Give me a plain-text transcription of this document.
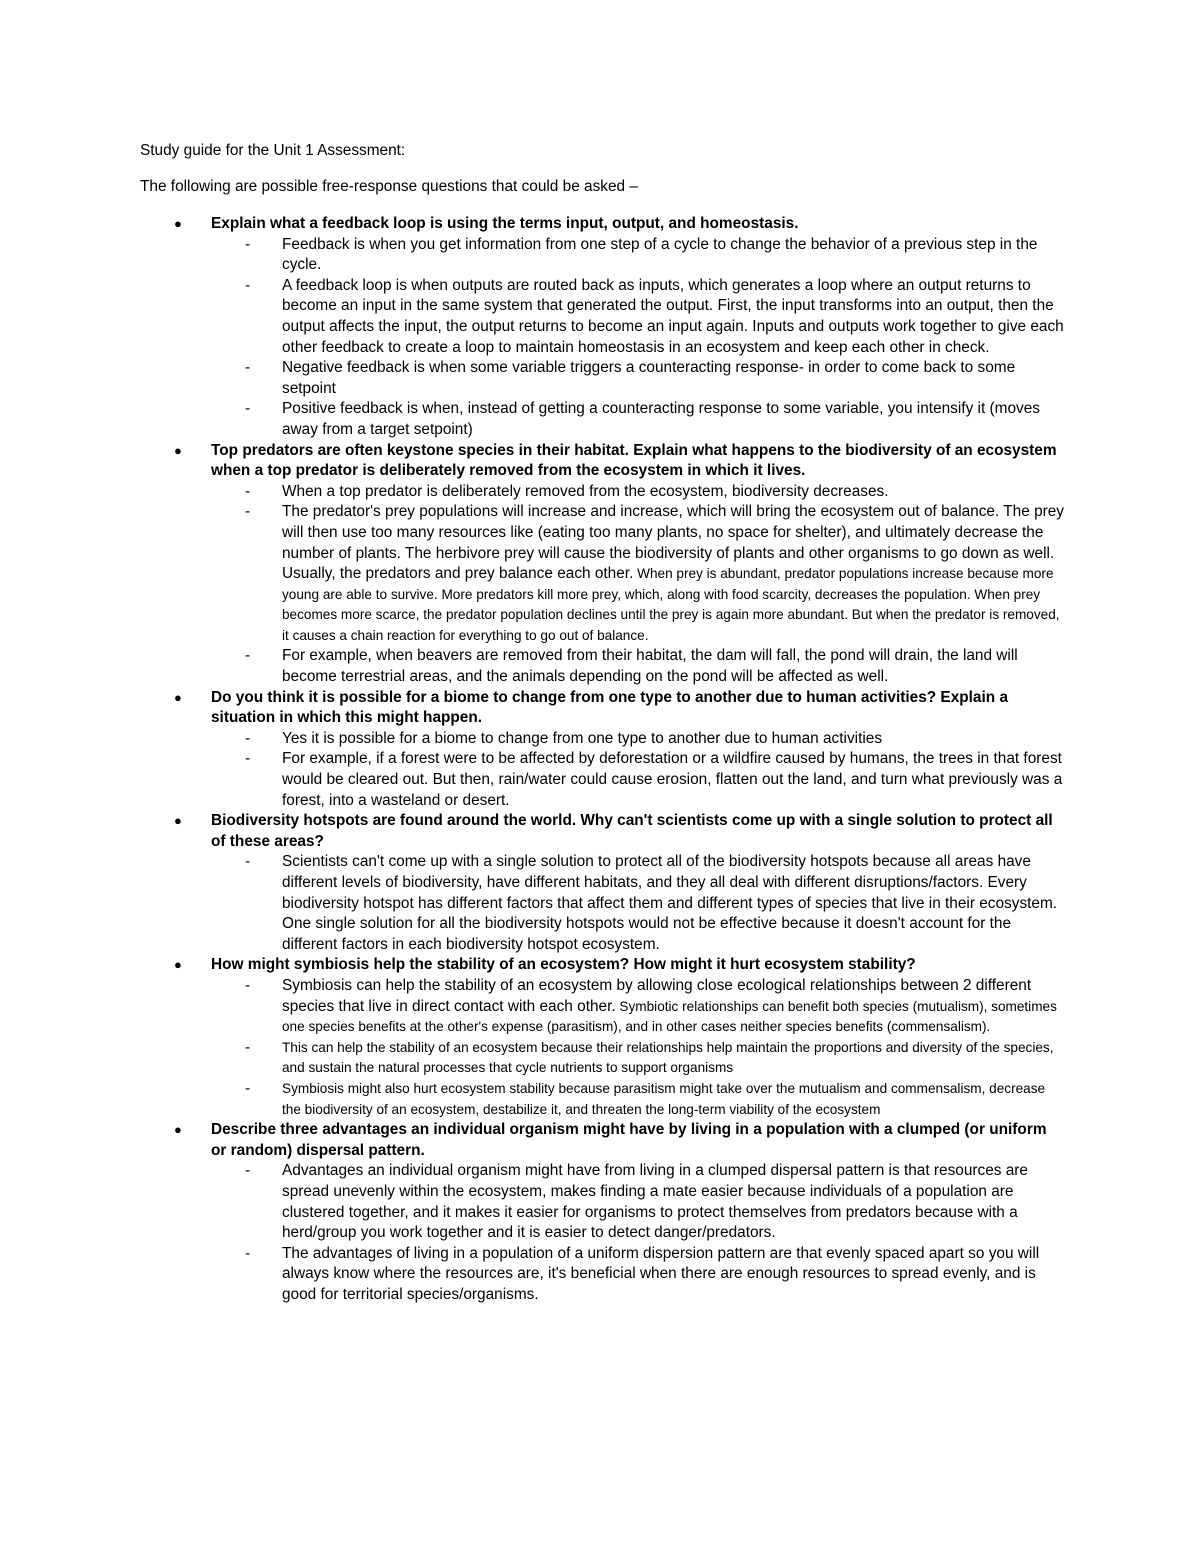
Study guide for the Unit 1 Assessment:
The following are possible free-response questions that could be asked –
● Explain what a feedback loop is using the terms input, output, and homeostasis.
- Feedback is when you get information from one step of a cycle to change the behavior of a previous step in the cycle.
- A feedback loop is when outputs are routed back as inputs, which generates a loop where an output returns to become an input in the same system that generated the output. First, the input transforms into an output, then the output affects the input, the output returns to become an input again. Inputs and outputs work together to give each other feedback to create a loop to maintain homeostasis in an ecosystem and keep each other in check.
- Negative feedback is when some variable triggers a counteracting response- in order to come back to some setpoint
- Positive feedback is when, instead of getting a counteracting response to some variable, you intensify it (moves away from a target setpoint)
● Top predators are often keystone species in their habitat. Explain what happens to the biodiversity of an ecosystem when a top predator is deliberately removed from the ecosystem in which it lives.
- When a top predator is deliberately removed from the ecosystem, biodiversity decreases.
- The predator's prey populations will increase and increase, which will bring the ecosystem out of balance. The prey will then use too many resources like (eating too many plants, no space for shelter), and ultimately decrease the number of plants. The herbivore prey will cause the biodiversity of plants and other organisms to go down as well. Usually, the predators and prey balance each other. When prey is abundant, predator populations increase because more young are able to survive. More predators kill more prey, which, along with food scarcity, decreases the population. When prey becomes more scarce, the predator population declines until the prey is again more abundant. But when the predator is removed, it causes a chain reaction for everything to go out of balance.
- For example, when beavers are removed from their habitat, the dam will fall, the pond will drain, the land will become terrestrial areas, and the animals depending on the pond will be affected as well.
● Do you think it is possible for a biome to change from one type to another due to human activities? Explain a situation in which this might happen.
- Yes it is possible for a biome to change from one type to another due to human activities
- For example, if a forest were to be affected by deforestation or a wildfire caused by humans, the trees in that forest would be cleared out. But then, rain/water could cause erosion, flatten out the land, and turn what previously was a forest, into a wasteland or desert.
● Biodiversity hotspots are found around the world. Why can't scientists come up with a single solution to protect all of these areas?
- Scientists can't come up with a single solution to protect all of the biodiversity hotspots because all areas have different levels of biodiversity, have different habitats, and they all deal with different disruptions/factors. Every biodiversity hotspot has different factors that affect them and different types of species that live in their ecosystem. One single solution for all the biodiversity hotspots would not be effective because it doesn't account for the different factors in each biodiversity hotspot ecosystem.
● How might symbiosis help the stability of an ecosystem? How might it hurt ecosystem stability?
- Symbiosis can help the stability of an ecosystem by allowing close ecological relationships between 2 different species that live in direct contact with each other. Symbiotic relationships can benefit both species (mutualism), sometimes one species benefits at the other's expense (parasitism), and in other cases neither species benefits (commensalism).
- This can help the stability of an ecosystem because their relationships help maintain the proportions and diversity of the species, and sustain the natural processes that cycle nutrients to support organisms
- Symbiosis might also hurt ecosystem stability because parasitism might take over the mutualism and commensalism, decrease the biodiversity of an ecosystem, destabilize it, and threaten the long-term viability of the ecosystem
● Describe three advantages an individual organism might have by living in a population with a clumped (or uniform or random) dispersal pattern.
- Advantages an individual organism might have from living in a clumped dispersal pattern is that resources are spread unevenly within the ecosystem, makes finding a mate easier because individuals of a population are clustered together, and it makes it easier for organisms to protect themselves from predators because with a herd/group you work together and it is easier to detect danger/predators.
- The advantages of living in a population of a uniform dispersion pattern are that evenly spaced apart so you will always know where the resources are, it's beneficial when there are enough resources to spread evenly, and is good for territorial species/organisms.
